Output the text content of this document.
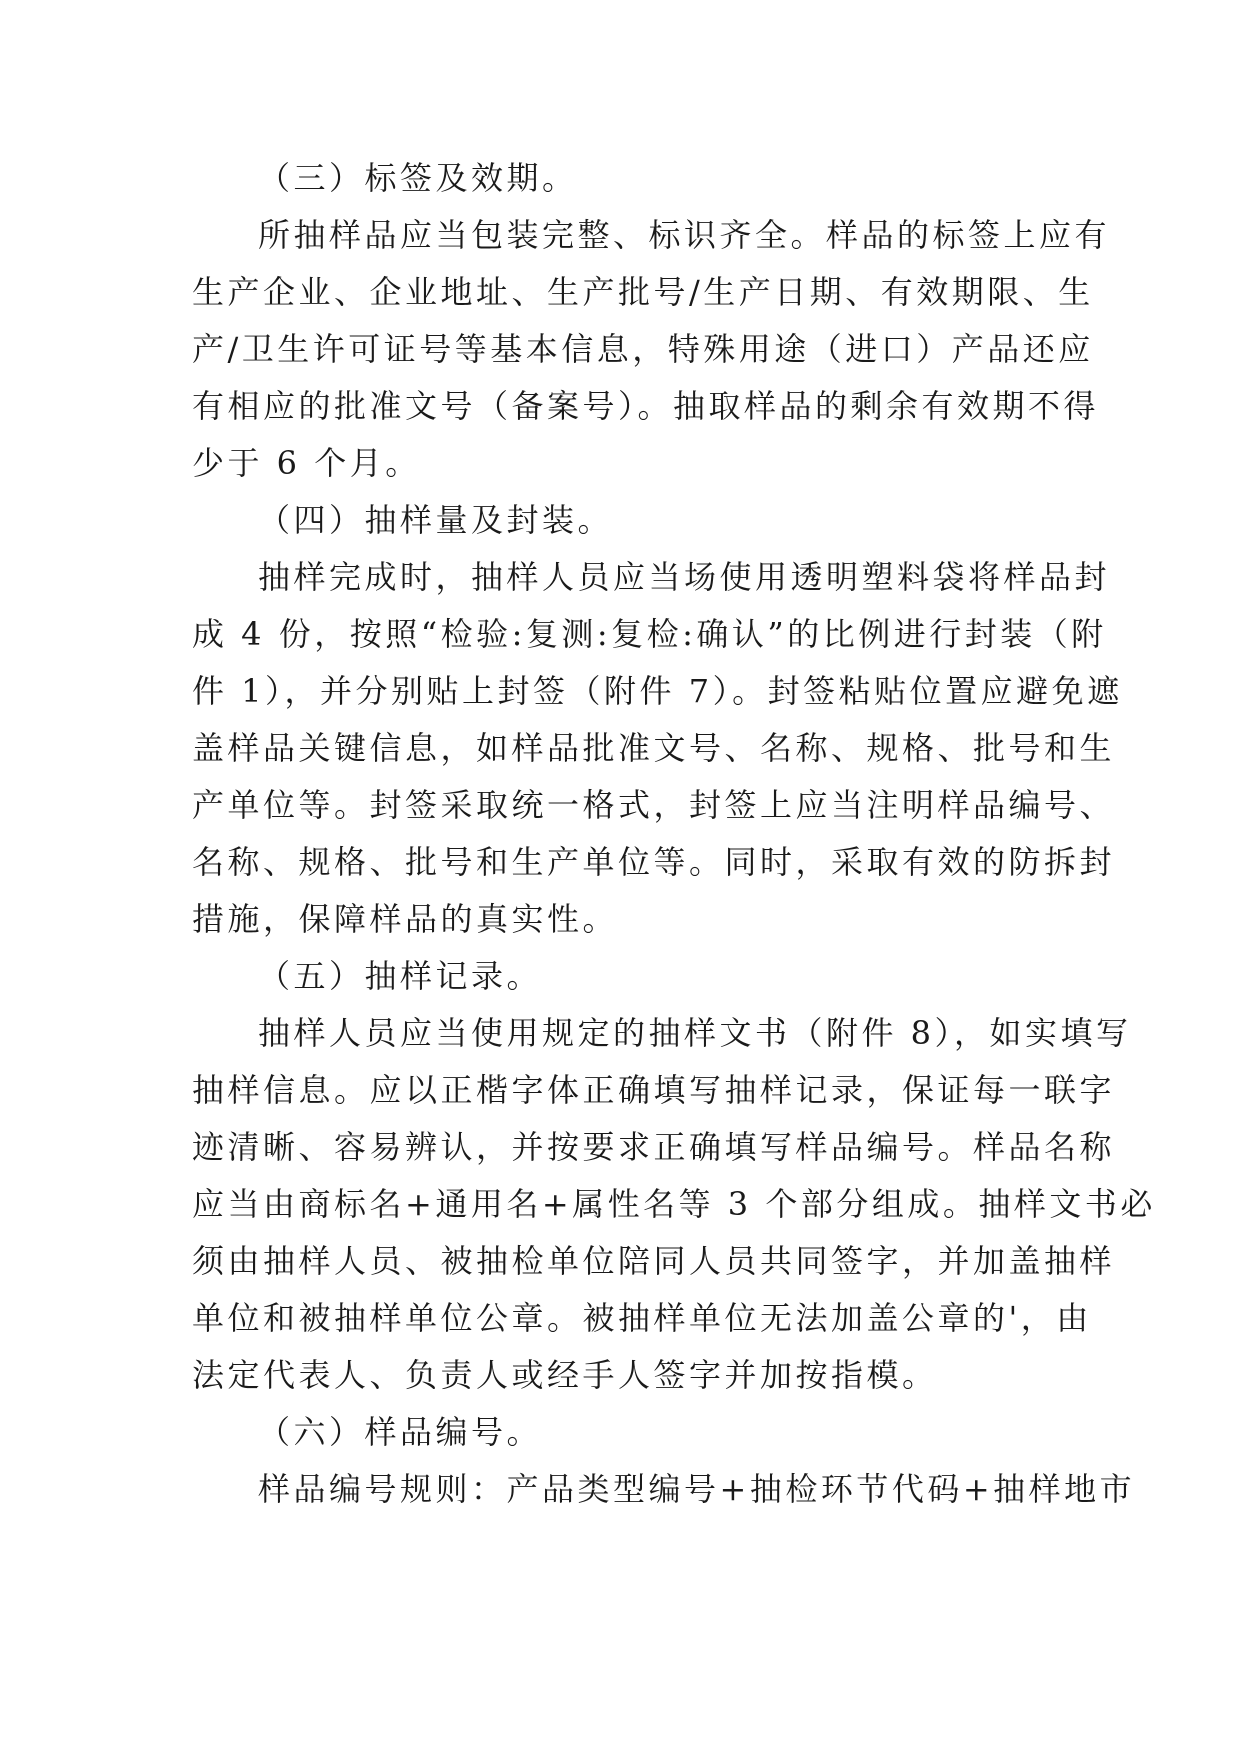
（三）标签及效期。
所抽样品应当包装完整、标识齐全。样品的标签上应有
生产企业、企业地址、生产批号/生产日期、有效期限、生
产/卫生许可证号等基本信息，特殊用途（进口）产品还应
有相应的批准文号（备案号）。抽取样品的剩余有效期不得
少于 6 个月。
（四）抽样量及封装。
抽样完成时，抽样人员应当场使用透明塑料袋将样品封
成 4 份，按照“检验:复测:复检:确认”的比例进行封装（附
件 1），并分别贴上封签（附件 7）。封签粘贴位置应避免遮
盖样品关键信息，如样品批准文号、名称、规格、批号和生
产单位等。封签采取统一格式，封签上应当注明样品编号、
名称、规格、批号和生产单位等。同时，采取有效的防拆封
措施，保障样品的真实性。
（五）抽样记录。
抽样人员应当使用规定的抽样文书（附件 8），如实填写
抽样信息。应以正楷字体正确填写抽样记录，保证每一联字
迹清晰、容易辨认，并按要求正确填写样品编号。样品名称
应当由商标名+通用名+属性名等 3 个部分组成。抽样文书必
须由抽样人员、被抽检单位陪同人员共同签字，并加盖抽样
单位和被抽样单位公章。被抽样单位无法加盖公章的'，由
法定代表人、负责人或经手人签字并加按指模。
（六）样品编号。
样品编号规则：产品类型编号+抽检环节代码+抽样地市
